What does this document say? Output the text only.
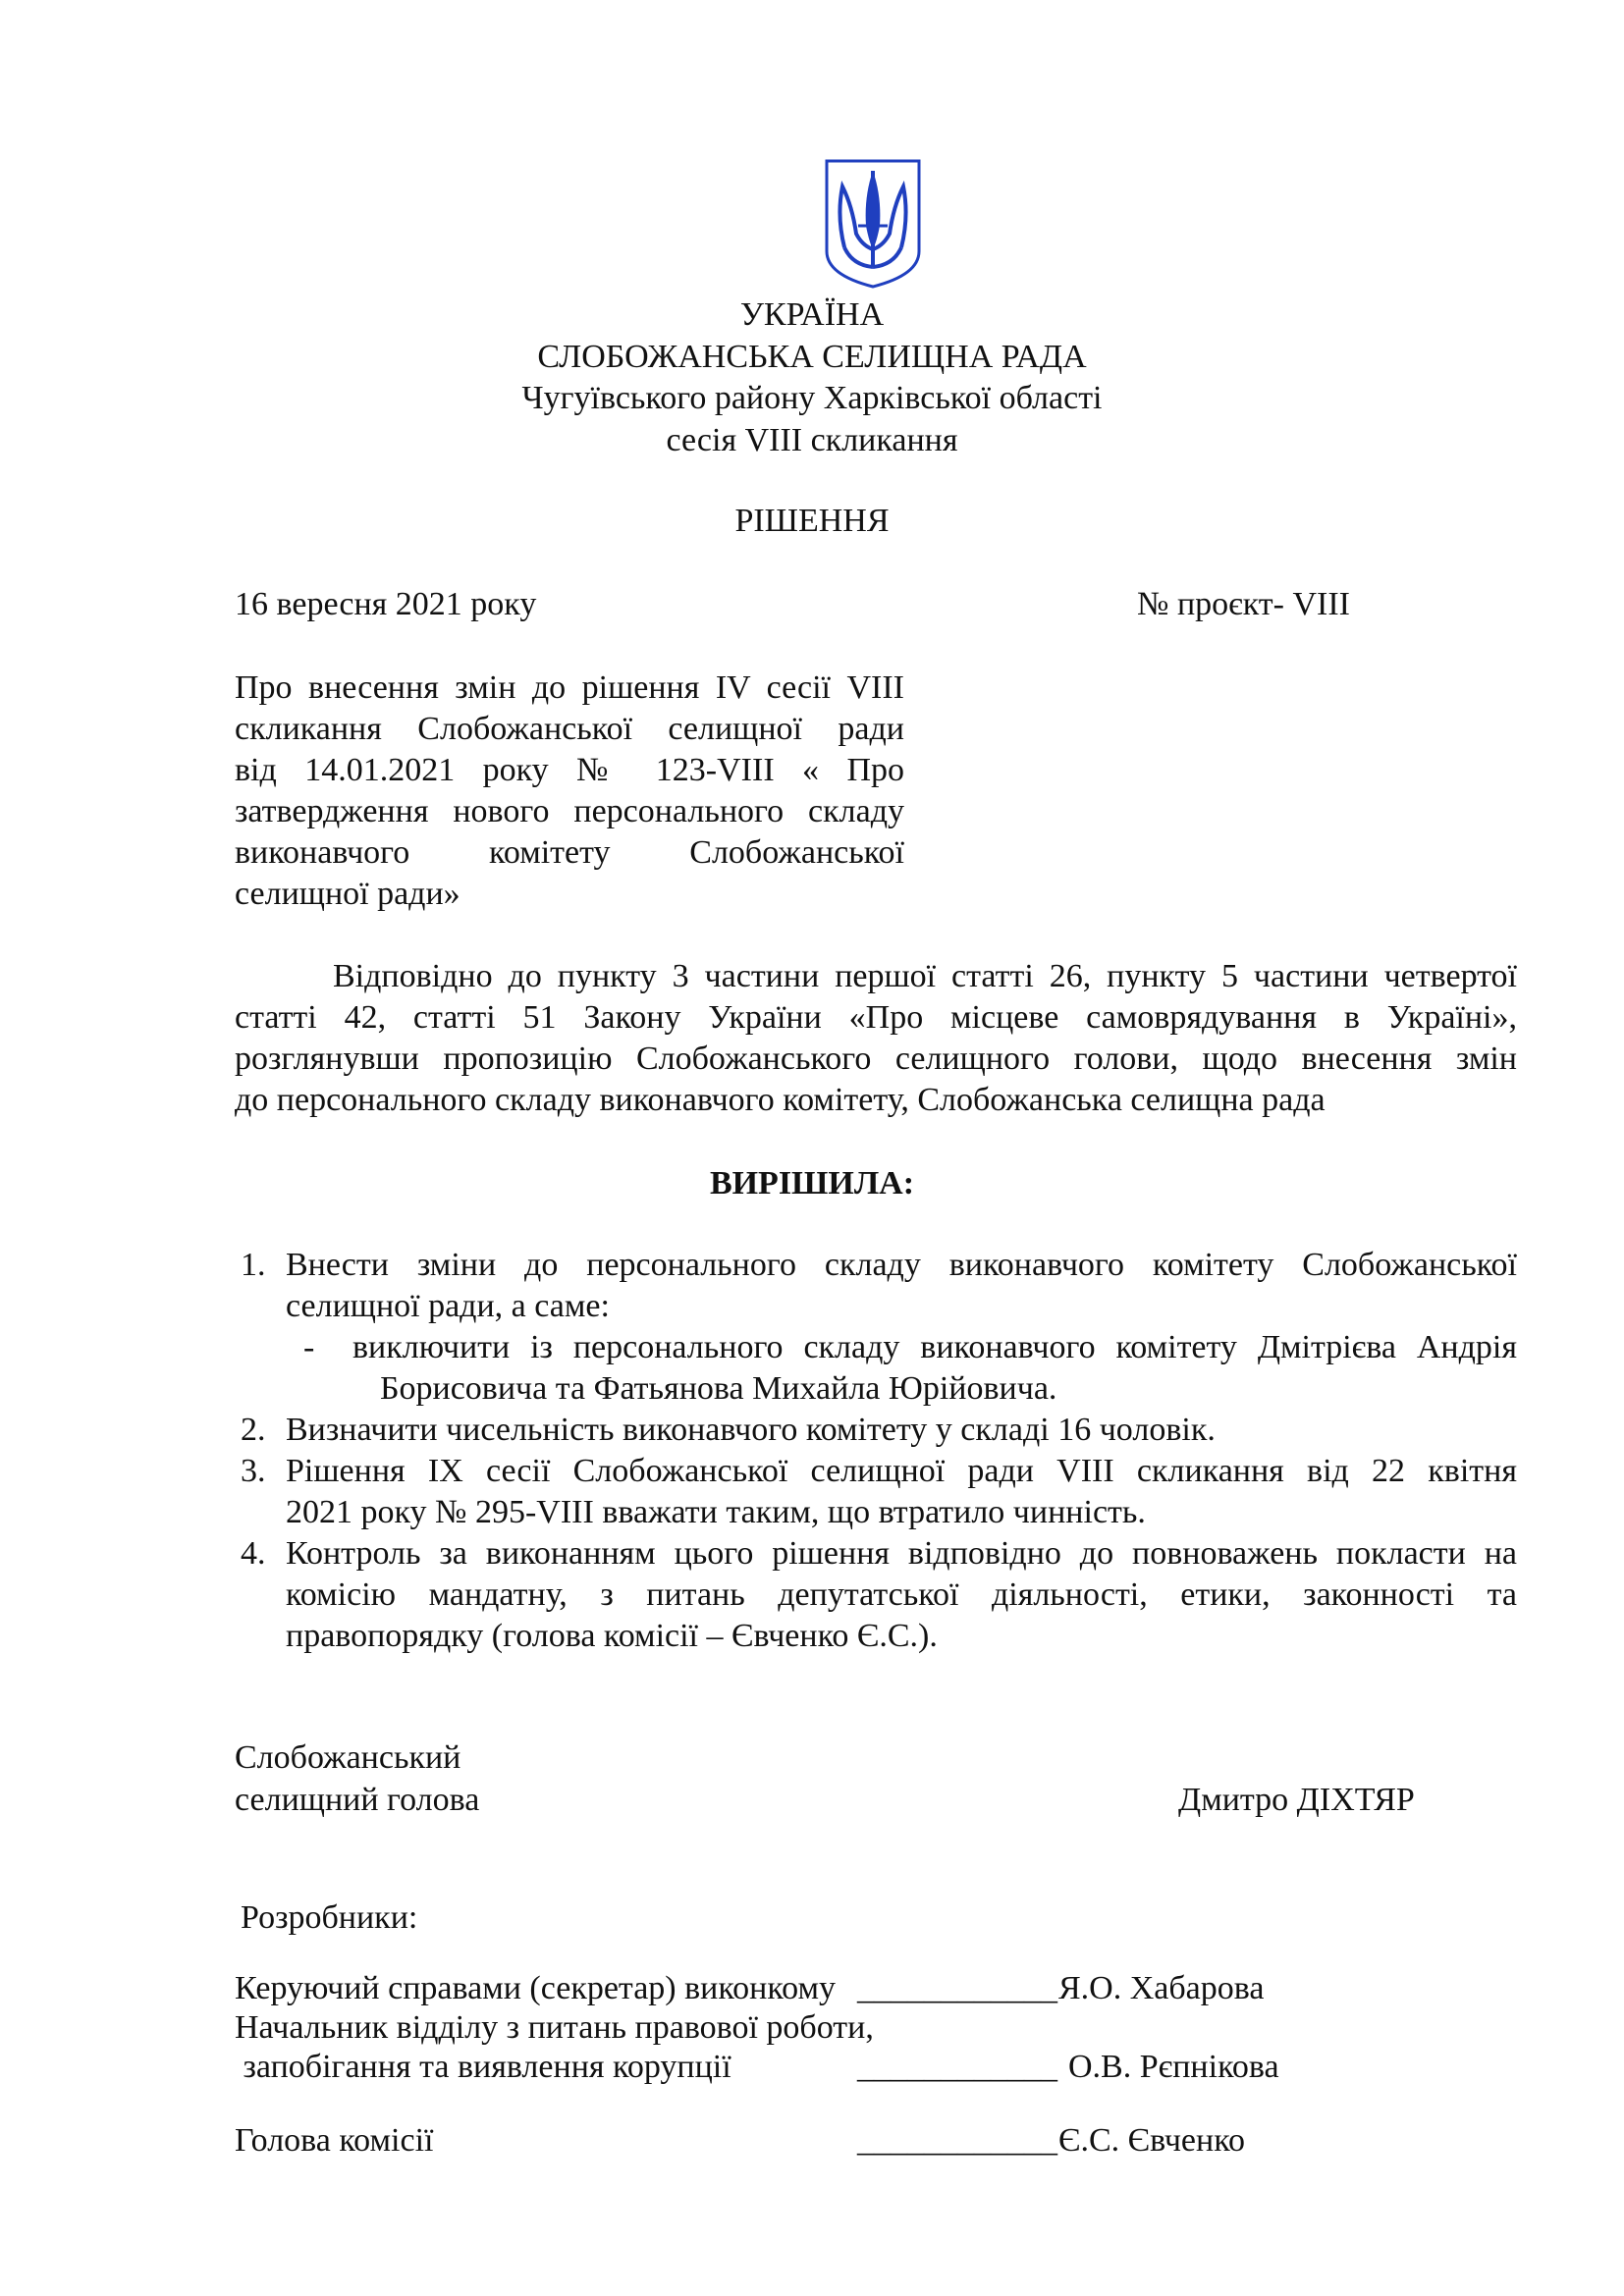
УКРАЇНА
СЛОБОЖАНСЬКА СЕЛИЩНА РАДА
Чугуївського району Харківської області
сесія VIII скликання
РІШЕННЯ
16 вересня 2021 року	№ проєкт- VIII
Про внесення змін до рішення IV сесії VIII
скликання Слобожанської селищної ради
від 14.01.2021 року № 123-VIII « Про
затвердження нового персонального складу
виконавчого комітету Слобожанської
селищної ради»
Відповідно до пункту 3 частини першої статті 26, пункту 5 частини четвертої
статті 42, статті 51 Закону України «Про місцеве самоврядування в Україні»,
розглянувши пропозицію Слобожанського селищного голови, щодо внесення змін
до персонального складу виконавчого комітету, Слобожанська селищна рада
ВИРІШИЛА:
1. Внести зміни до персонального складу виконавчого комітету Слобожанської
селищної ради, а саме:
- виключити із персонального складу виконавчого комітету Дмітрієва Андрія
Борисовича та Фатьянова Михайла Юрійовича.
2. Визначити чисельність виконавчого комітету у складі 16 чоловік.
3. Рішення IX сесії Слобожанської селищної ради VIII скликання від 22 квітня
2021 року № 295-VIII вважати таким, що втратило чинність.
4. Контроль за виконанням цього рішення відповідно до повноважень покласти на
комісію мандатну, з питань депутатської діяльності, етики, законності та
правопорядку (голова комісії – Євченко Є.С.).
Слобожанський
селищний голова	Дмитро ДІХТЯР
Розробники:
Керуючий справами (секретар) виконкому ____________ Я.О. Хабарова
Начальник відділу з питань правової роботи,
запобігання та виявлення корупції	____________ О.В. Рєпнікова
Голова комісії	____________ Є.С. Євченко
